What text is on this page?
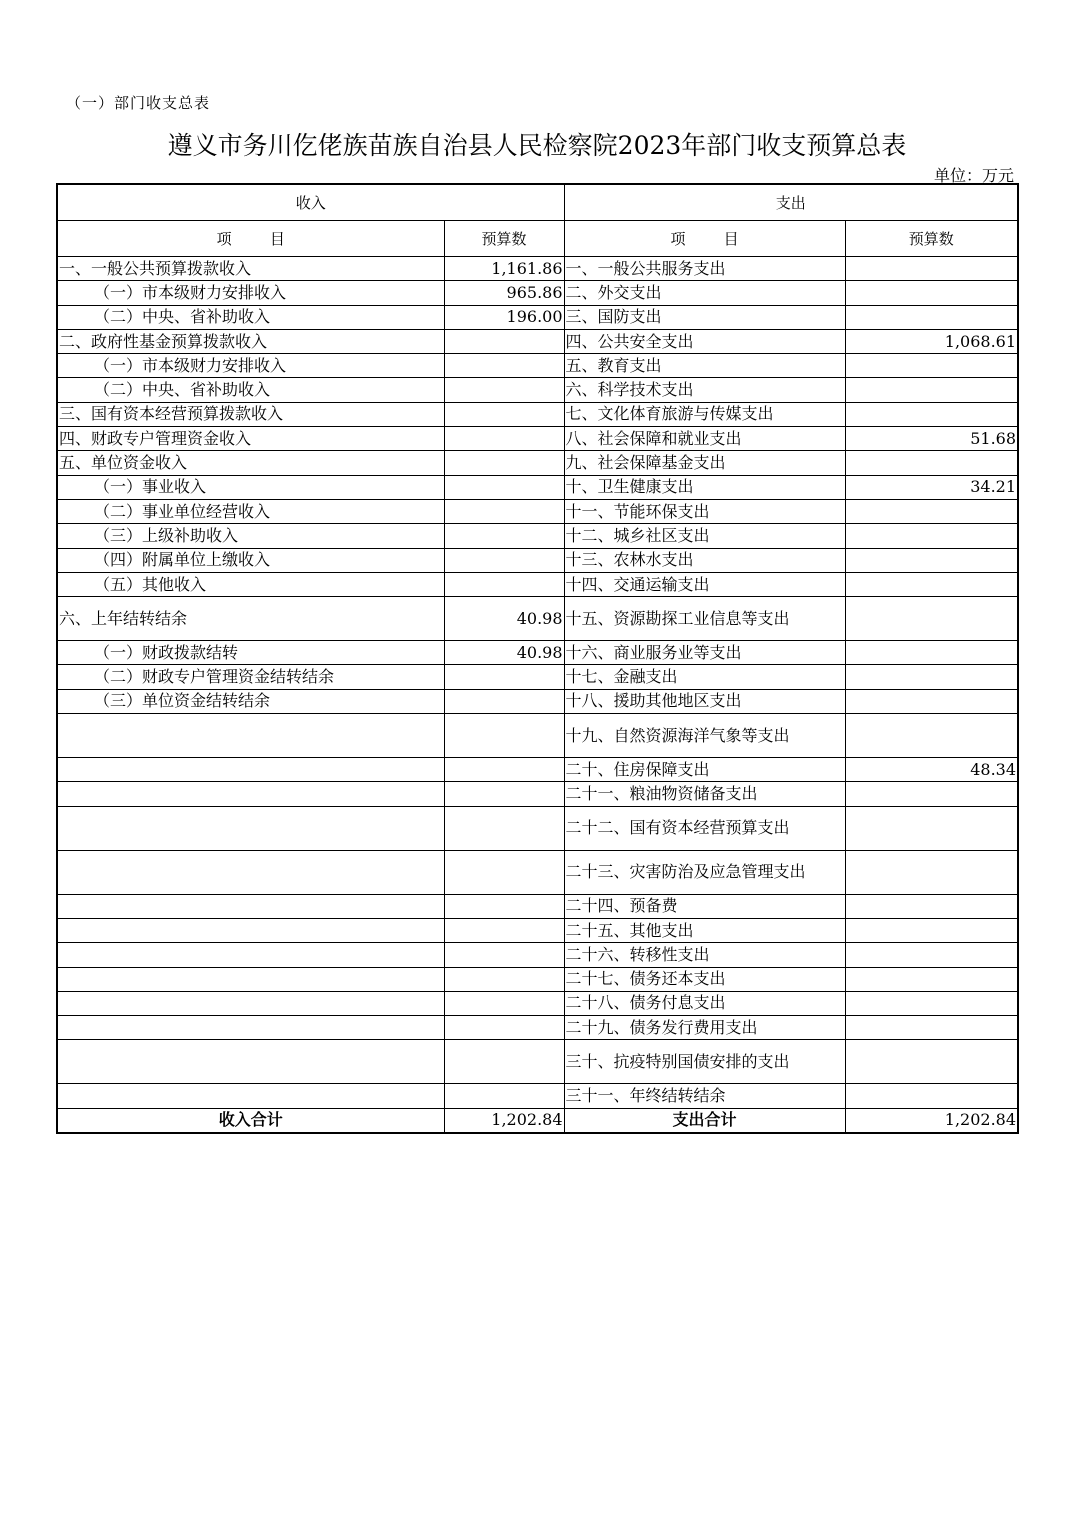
（一）部门收支总表
遵义市务川仡佬族苗族自治县人民检察院2023年部门收支预算总表
单位：万元
收入		支出	
项        目	预算数	项        目	预算数
一、一般公共预算拨款收入	1,161.86	一、一般公共服务支出	
（一）市本级财力安排收入	965.86	二、外交支出	
（二）中央、省补助收入	196.00	三、国防支出	
二、政府性基金预算拨款收入		四、公共安全支出	1,068.61
（一）市本级财力安排收入		五、教育支出	
（二）中央、省补助收入		六、科学技术支出	
三、国有资本经营预算拨款收入		七、文化体育旅游与传媒支出	
四、财政专户管理资金收入		八、社会保障和就业支出	51.68
五、单位资金收入		九、社会保障基金支出	
（一）事业收入		十、卫生健康支出	34.21
（二）事业单位经营收入		十一、节能环保支出	
（三）上级补助收入		十二、城乡社区支出	
（四）附属单位上缴收入		十三、农林水支出	
（五）其他收入		十四、交通运输支出	
六、上年结转结余	40.98	十五、资源勘探工业信息等支出	
（一）财政拨款结转	40.98	十六、商业服务业等支出	
（二）财政专户管理资金结转结余		十七、金融支出	
（三）单位资金结转结余		十八、援助其他地区支出	
		十九、自然资源海洋气象等支出	
		二十、住房保障支出	48.34
		二十一、粮油物资储备支出	
		二十二、国有资本经营预算支出	
		二十三、灾害防治及应急管理支出	
		二十四、预备费	
		二十五、其他支出	
		二十六、转移性支出	
		二十七、债务还本支出	
		二十八、债务付息支出	
		二十九、债务发行费用支出	
		三十、抗疫特别国债安排的支出	
		三十一、年终结转结余	
收入合计	1,202.84	支出合计	1,202.84
